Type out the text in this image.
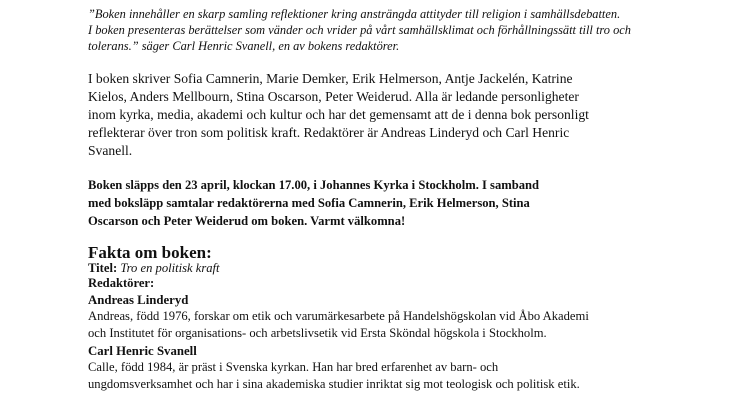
”Boken innehåller en skarp samling reflektioner kring ansträngda attityder till religion i samhällsdebatten.
I boken presenteras berättelser som vänder och vrider på vårt samhällsklimat och förhållningssätt till tro och
tolerans.” säger Carl Henric Svanell, en av bokens redaktörer.
I boken skriver Sofia Camnerin, Marie Demker, Erik Helmerson, Antje Jackelén, Katrine
Kielos, Anders Mellbourn, Stina Oscarson, Peter Weiderud. Alla är ledande personligheter
inom kyrka, media, akademi och kultur och har det gemensamt att de i denna bok personligt
reflekterar över tron som politisk kraft. Redaktörer är Andreas Linderyd och Carl Henric
Svanell.
Boken släpps den 23 april, klockan 17.00, i Johannes Kyrka i Stockholm. I samband
med boksläpp samtalar redaktörerna med Sofia Camnerin, Erik Helmerson, Stina
Oscarson och Peter Weiderud om boken. Varmt välkomna!
Fakta om boken:
Titel: Tro en politisk kraft
Redaktörer:
Andreas Linderyd
Andreas, född 1976, forskar om etik och varumärkesarbete på Handelshögskolan vid Åbo Akademi
och Institutet för organisations- och arbetslivsetik vid Ersta Sköndal högskola i Stockholm.
Carl Henric Svanell
Calle, född 1984, är präst i Svenska kyrkan. Han har bred erfarenhet av barn- och
ungdomsverksamhet och har i sina akademiska studier inriktat sig mot teologisk och politisk etik.
